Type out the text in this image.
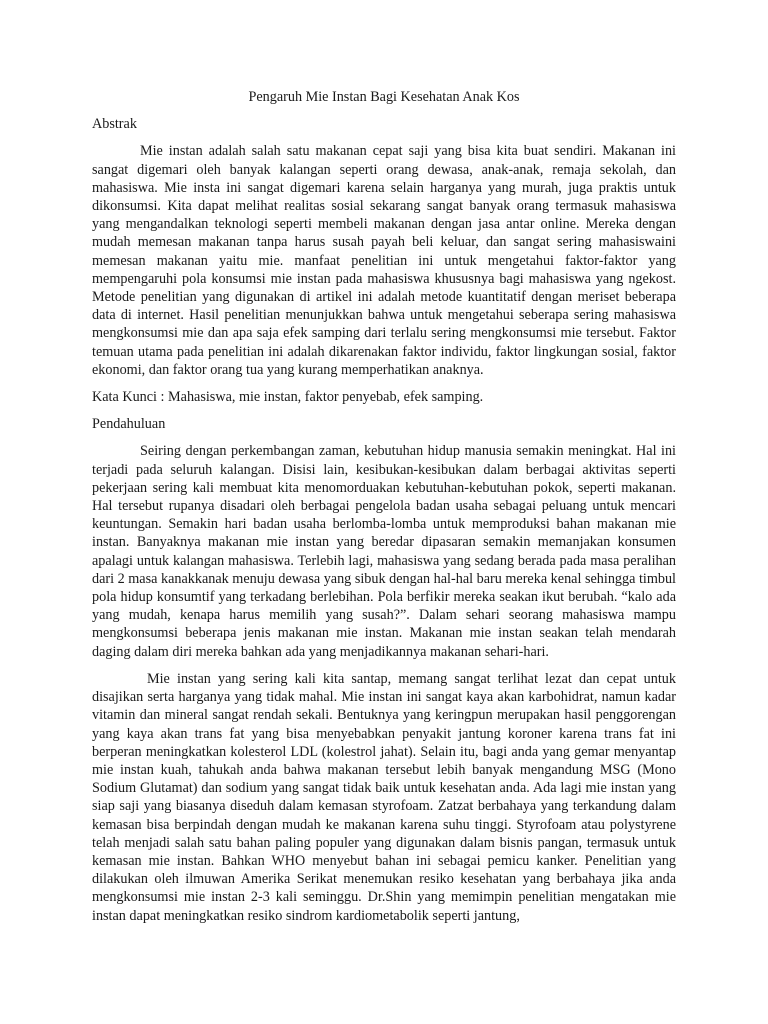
Pengaruh Mie Instan Bagi Kesehatan Anak Kos
Abstrak

Mie instan adalah salah satu makanan cepat saji yang bisa kita buat sendiri. Makanan ini sangat digemari oleh banyak kalangan seperti orang dewasa, anak-anak, remaja sekolah, dan mahasiswa. Mie insta ini sangat digemari karena selain harganya yang murah, juga praktis untuk dikonsumsi. Kita dapat melihat realitas sosial sekarang sangat banyak orang termasuk mahasiswa yang mengandalkan teknologi seperti membeli makanan dengan jasa antar online. Mereka dengan mudah memesan makanan tanpa harus susah payah beli keluar, dan sangat sering mahasiswaini memesan makanan yaitu mie. manfaat penelitian ini untuk mengetahui faktor-faktor yang mempengaruhi pola konsumsi mie instan pada mahasiswa khususnya bagi mahasiswa yang ngekost. Metode penelitian yang digunakan di artikel ini adalah metode kuantitatif dengan meriset beberapa data di internet. Hasil penelitian menunjukkan bahwa untuk mengetahui seberapa sering mahasiswa mengkonsumsi mie dan apa saja efek samping dari terlalu sering mengkonsumsi mie tersebut. Faktor temuan utama pada penelitian ini adalah dikarenakan faktor individu, faktor lingkungan sosial, faktor ekonomi, dan faktor orang tua yang kurang memperhatikan anaknya.

Kata Kunci : Mahasiswa, mie instan, faktor penyebab, efek samping.
Pendahuluan

Seiring dengan perkembangan zaman, kebutuhan hidup manusia semakin meningkat. Hal ini terjadi pada seluruh kalangan. Disisi lain, kesibukan-kesibukan dalam berbagai aktivitas seperti pekerjaan sering kali membuat kita menomorduakan kebutuhan-kebutuhan pokok, seperti makanan. Hal tersebut rupanya disadari oleh berbagai pengelola badan usaha sebagai peluang untuk mencari keuntungan. Semakin hari badan usaha berlomba-lomba untuk memproduksi bahan makanan mie instan. Banyaknya makanan mie instan yang beredar dipasaran semakin memanjakan konsumen apalagi untuk kalangan mahasiswa. Terlebih lagi, mahasiswa yang sedang berada pada masa peralihan dari 2 masa kanakkanak menuju dewasa yang sibuk dengan hal-hal baru mereka kenal sehingga timbul pola hidup konsumtif yang terkadang berlebihan. Pola berfikir mereka seakan ikut berubah. “kalo ada yang mudah, kenapa harus memilih yang susah?”. Dalam sehari seorang mahasiswa mampu mengkonsumsi beberapa jenis makanan mie instan. Makanan mie instan seakan telah mendarah daging dalam diri mereka bahkan ada yang menjadikannya makanan sehari-hari.

Mie instan yang sering kali kita santap, memang sangat terlihat lezat dan cepat untuk disajikan serta harganya yang tidak mahal. Mie instan ini sangat kaya akan karbohidrat, namun kadar vitamin dan mineral sangat rendah sekali. Bentuknya yang keringpun merupakan hasil penggorengan yang kaya akan trans fat yang bisa menyebabkan penyakit jantung koroner karena trans fat ini berperan meningkatkan kolesterol LDL (kolestrol jahat). Selain itu, bagi anda yang gemar menyantap mie instan kuah, tahukah anda bahwa makanan tersebut lebih banyak mengandung MSG (Mono Sodium Glutamat) dan sodium yang sangat tidak baik untuk kesehatan anda. Ada lagi mie instan yang siap saji yang biasanya diseduh dalam kemasan styrofoam. Zatzat berbahaya yang terkandung dalam kemasan bisa berpindah dengan mudah ke makanan karena suhu tinggi. Styrofoam atau polystyrene telah menjadi salah satu bahan paling populer yang digunakan dalam bisnis pangan, termasuk untuk kemasan mie instan. Bahkan WHO menyebut bahan ini sebagai pemicu kanker. Penelitian yang dilakukan oleh ilmuwan Amerika Serikat menemukan resiko kesehatan yang berbahaya jika anda mengkonsumsi mie instan 2-3 kali seminggu. Dr.Shin yang memimpin penelitian mengatakan mie instan dapat meningkatkan resiko sindrom kardiometabolik seperti jantung,
